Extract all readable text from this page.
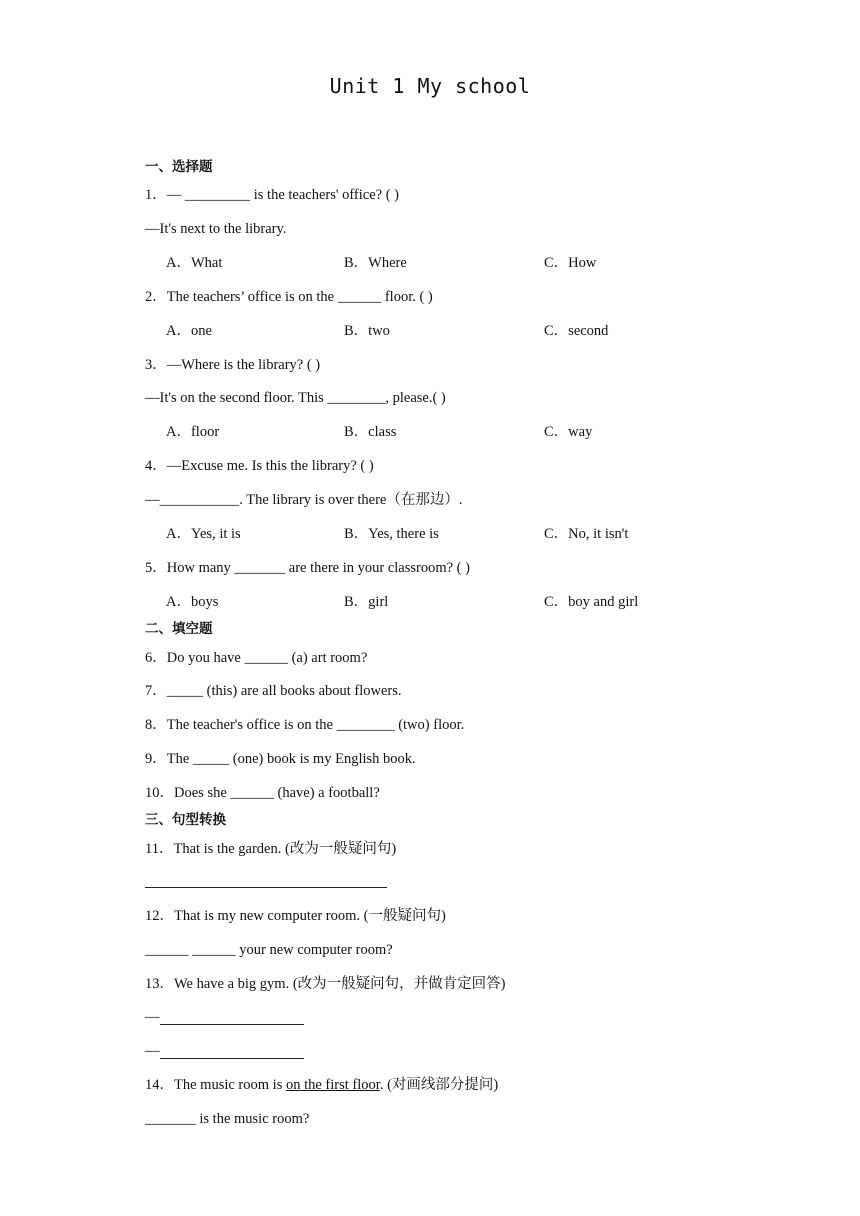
Unit 1 My school
一、选择题
1．— _________ is the teachers' office? ( )
—It's next to the library.
A．What	B．Where	C．How
2．The teachers’ office is on the ______ floor. ( )
A．one	B．two	C．second
3．—Where is the library? ( )
—It's on the second floor. This ________, please.( )
A．floor	B．class	C．way
4．—Excuse me. Is this the library? ( )
—___________. The library is over there（在那边）.
A．Yes, it is	B．Yes, there is	C．No, it isn't
5．How many _______ are there in your classroom? ( )
A．boys	B．girl	C．boy and girl
二、填空题
6．Do you have ______ (a) art room?
7．_____ (this) are all books about flowers.
8．The teacher's office is on the ________ (two) floor.
9．The _____ (one) book is my English book.
10．Does she ______ (have) a football?
三、句型转换
11．That is the garden. (改为一般疑问句)
12．That is my new computer room. (一般疑问句)
______ ______ your new computer room?
13．We have a big gym. (改为一般疑问句，并做肯定回答)
—
—
14．The music room is on the first floor. (对画线部分提问)
_______ is the music room?
